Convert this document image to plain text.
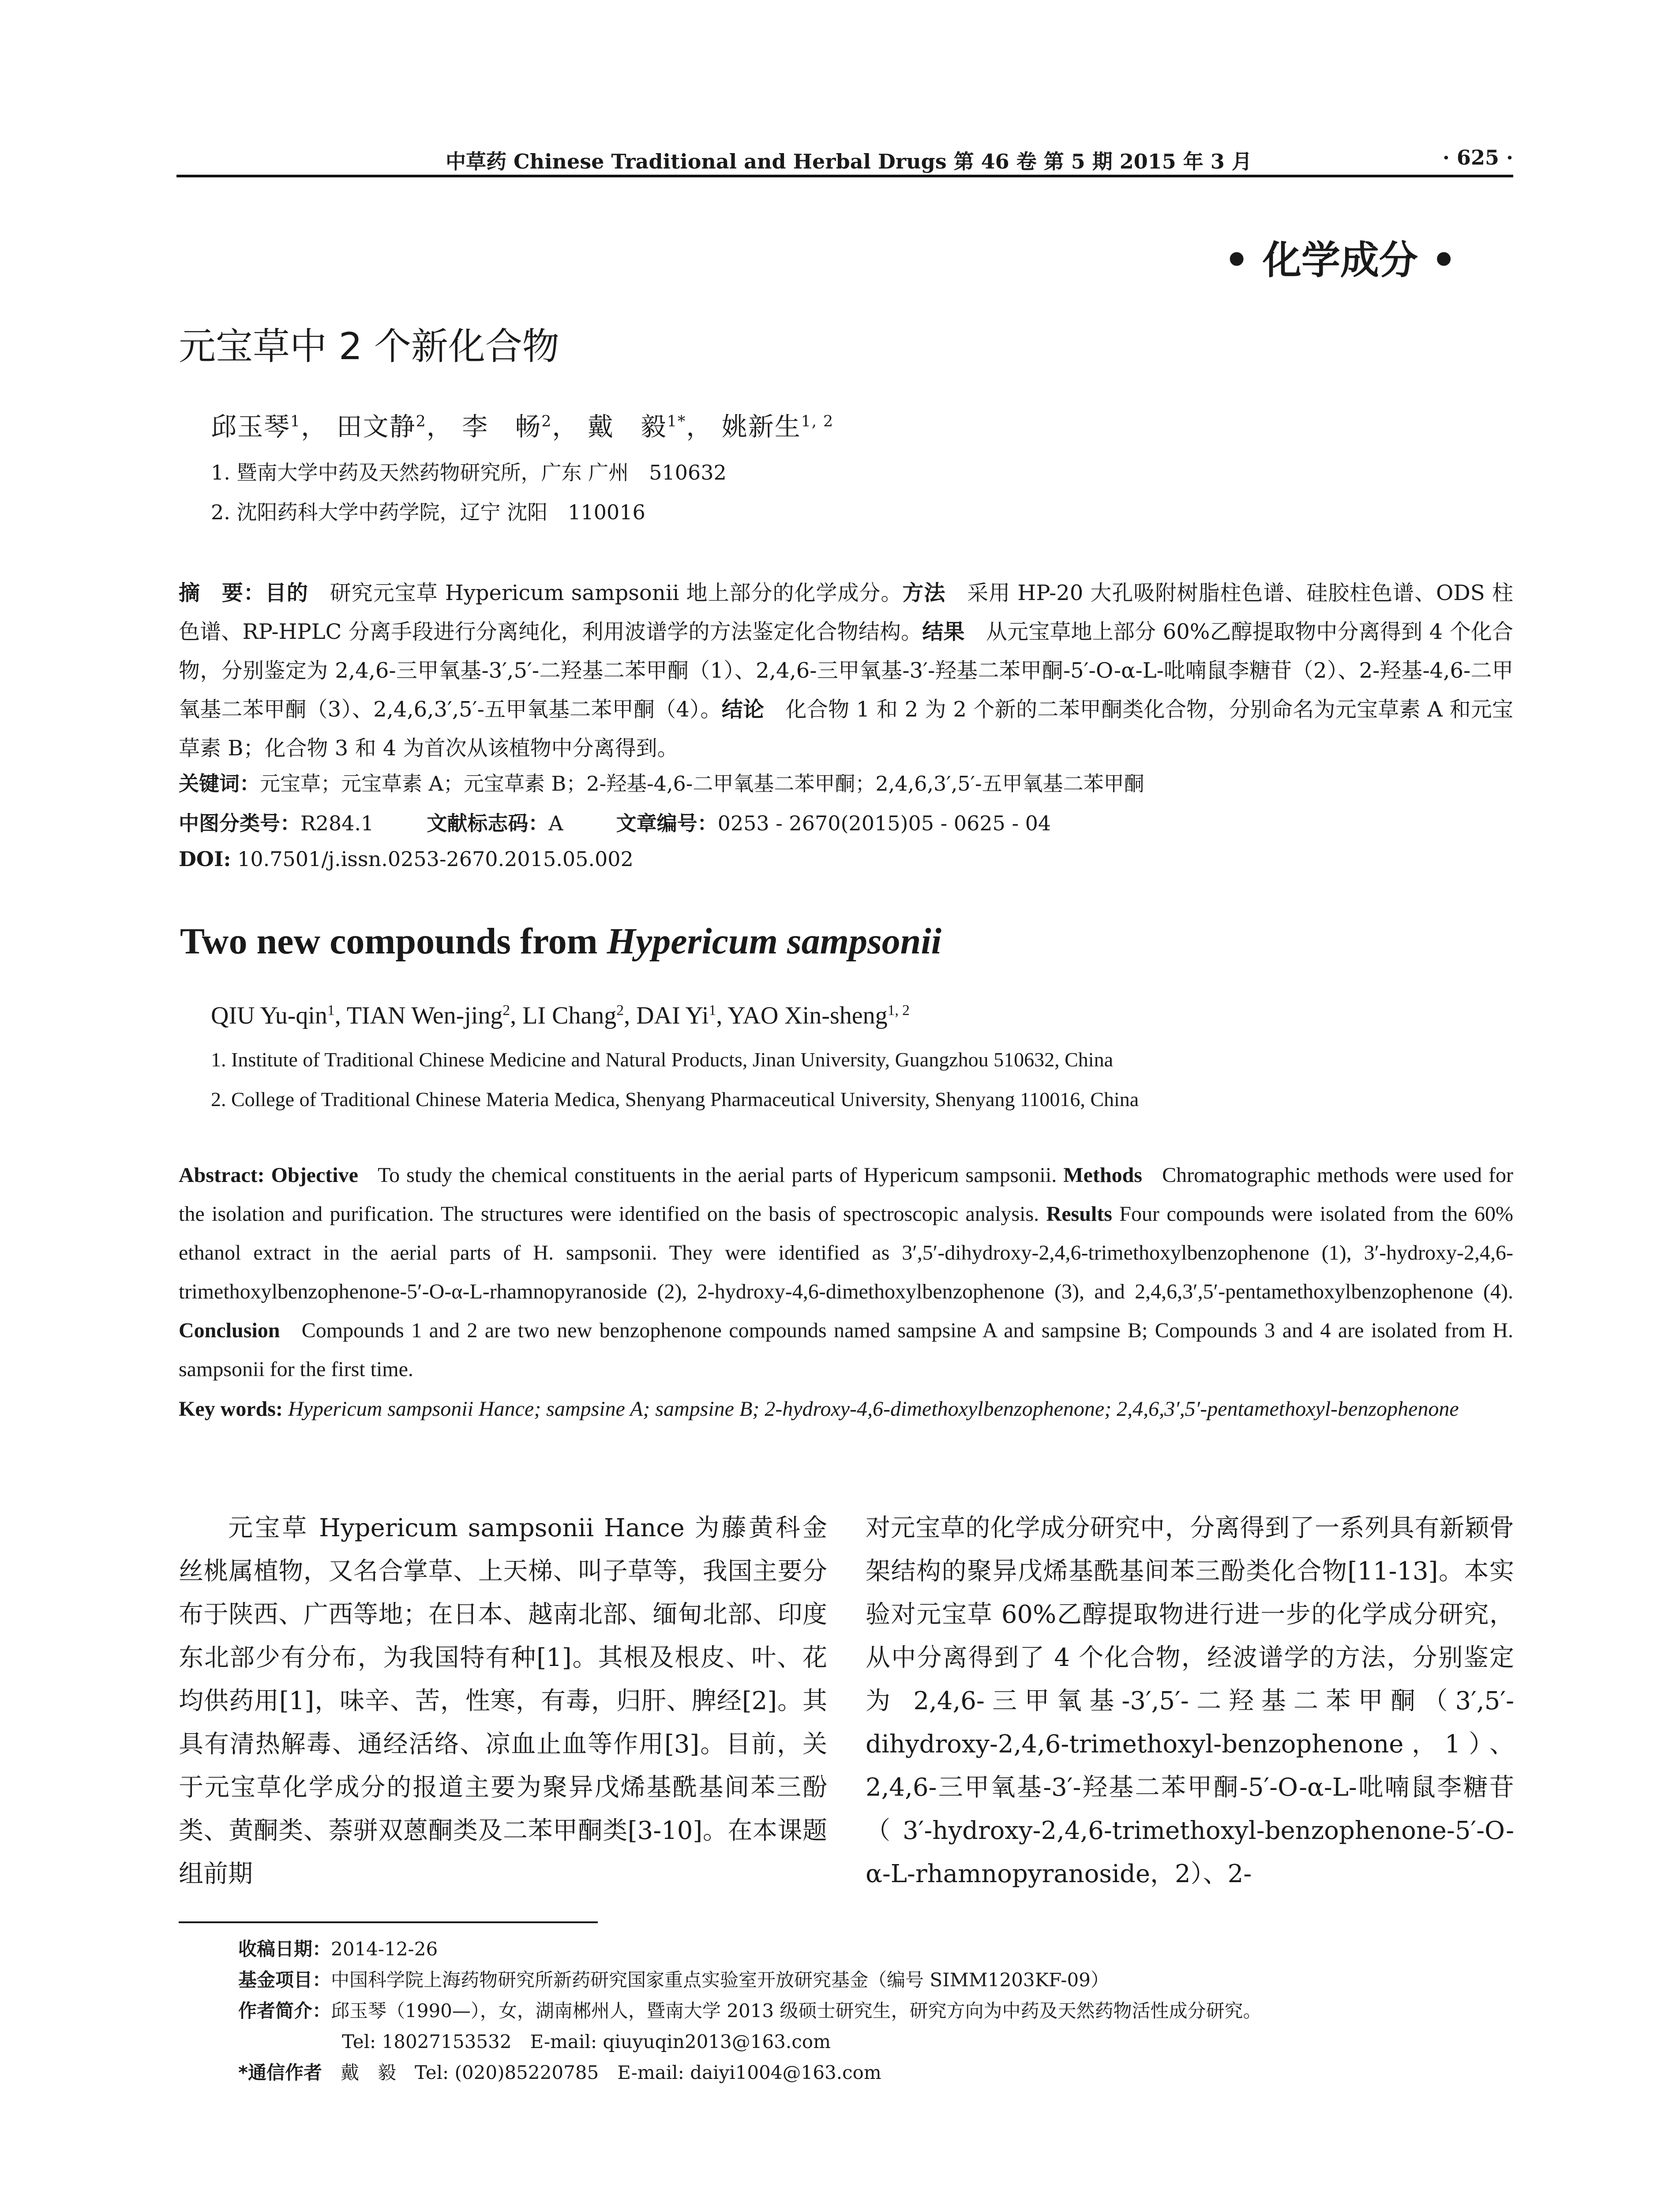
中草药 Chinese Traditional and Herbal Drugs 第 46 卷 第 5 期 2015 年 3 月	· 625 ·
• 化学成分 •
元宝草中 2 个新化合物
邱玉琴$^1$， 田文静$^2$， 李　畅$^2$， 戴　毅$^{1*}$， 姚新生$^{1, 2}$
1. 暨南大学中药及天然药物研究所，广东 广州　510632
2. 沈阳药科大学中药学院，辽宁 沈阳　110016
摘　要：目的　 研究元宝草 Hypericum sampsonii 地上部分的化学成分。方法　 采用 HP-20 大孔吸附树脂柱色谱、硅胶柱色谱、ODS 柱色谱、RP-HPLC 分离手段进行分离纯化，利用波谱学的方法鉴定化合物结构。结果　 从元宝草地上部分 60%乙醇提取物中分离得到 4 个化合物，分别鉴定为 2,4,6-三甲氧基-3′,5′-二羟基二苯甲酮（1）、2,4,6-三甲氧基-3′-羟基二苯甲酮-5′-O-α-L-吡喃鼠李糖苷（2）、2-羟基-4,6-二甲氧基二苯甲酮（3）、2,4,6,3′,5′-五甲氧基二苯甲酮（4）。结论　 化合物 1 和 2 为 2 个新的二苯甲酮类化合物，分别命名为元宝草素 A 和元宝草素 B；化合物 3 和 4 为首次从该植物中分离得到。
关键词：元宝草；元宝草素 A；元宝草素 B；2-羟基-4,6-二甲氧基二苯甲酮；2,4,6,3′,5′-五甲氧基二苯甲酮
中图分类号：R284.1	文献标志码：A	文章编号：0253 - 2670(2015)05 - 0625 - 04
DOI: 10.7501/j.issn.0253-2670.2015.05.002
Two new compounds from Hypericum sampsonii
QIU Yu-qin$^1$, TIAN Wen-jing$^2$, LI Chang$^2$, DAI Yi$^1$, YAO Xin-sheng$^{1, 2}$
1. Institute of Traditional Chinese Medicine and Natural Products, Jinan University, Guangzhou 510632, China
2. College of Traditional Chinese Materia Medica, Shenyang Pharmaceutical University, Shenyang 110016, China
Abstract: Objective To study the chemical constituents in the aerial parts of Hypericum sampsonii. Methods Chromatographic methods were used for the isolation and purification. The structures were identified on the basis of spectroscopic analysis. Results Four compounds were isolated from the 60% ethanol extract in the aerial parts of H. sampsonii. They were identified as 3′,5′-dihydroxy-2,4,6-trimethoxylbenzophenone (1), 3′-hydroxy-2,4,6-trimethoxylbenzophenone-5′-O-α-L-rhamnopyranoside (2), 2-hydroxy-4,6-dimethoxylbenzophenone (3), and 2,4,6,3′,5′-pentamethoxylbenzophenone (4). Conclusion Compounds 1 and 2 are two new benzophenone compounds named sampsine A and sampsine B; Compounds 3 and 4 are isolated from H. sampsonii for the first time.
Key words: Hypericum sampsonii Hance; sampsine A; sampsine B; 2-hydroxy-4,6-dimethoxylbenzophenone; 2,4,6,3′,5′-pentamethoxyl-benzophenone
元宝草 Hypericum sampsonii Hance 为藤黄科金丝桃属植物，又名合掌草、上天梯、叫子草等，我国主要分布于陕西、广西等地；在日本、越南北部、缅甸北部、印度东北部少有分布，为我国特有种[1]。其根及根皮、叶、花均供药用[1]，味辛、苦，性寒，有毒，归肝、脾经[2]。其具有清热解毒、通经活络、凉血止血等作用[3]。目前，关于元宝草化学成分的报道主要为聚异戊烯基酰基间苯三酚类、黄酮类、萘骈双蒽酮类及二苯甲酮类[3-10]。在本课题组前期
对元宝草的化学成分研究中，分离得到了一系列具有新颖骨架结构的聚异戊烯基酰基间苯三酚类化合物[11-13]。本实验对元宝草 60%乙醇提取物进行进一步的化学成分研究，从中分离得到了 4 个化合物，经波谱学的方法，分别鉴定为 2,4,6-三甲氧基-3′,5′-二羟基二苯甲酮（3′,5′-dihydroxy-2,4,6-trimethoxyl-benzophenone，1）、2,4,6-三甲氧基-3′-羟基二苯甲酮-5′-O-α-L-吡喃鼠李糖苷（3′-hydroxy-2,4,6-trimethoxyl-benzophenone-5′-O-α-L-rhamnopyranoside，2）、2-
收稿日期：2014-12-26
基金项目：中国科学院上海药物研究所新药研究国家重点实验室开放研究基金（编号 SIMM1203KF-09）
作者简介：邱玉琴（1990—），女，湖南郴州人，暨南大学 2013 级硕士研究生，研究方向为中药及天然药物活性成分研究。
Tel: 18027153532　E-mail: qiuyuqin2013@163.com
*通信作者　 戴　毅　Tel: (020)85220785　E-mail: daiyi1004@163.com
